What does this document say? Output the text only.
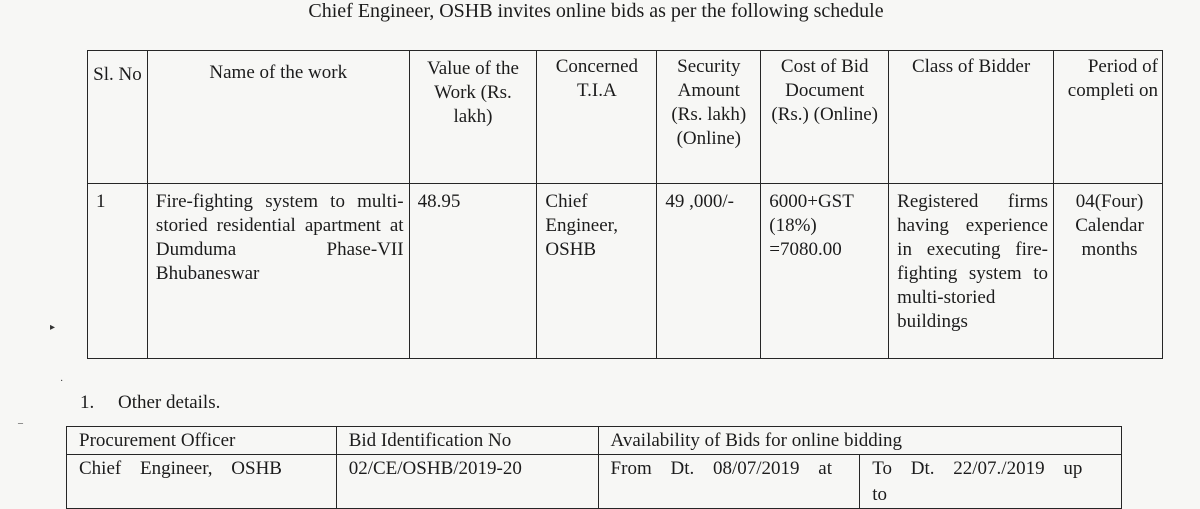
Chief Engineer, OSHB invites online bids as per the following schedule
Sl. No	Name of the work	Value of the Work (Rs. lakh)	Concerned T.I.A	Security Amount (Rs. lakh) (Online)	Cost of Bid Document (Rs.) (Online)	Class of Bidder	Period of completi on
1	Fire-fighting system to multi-storied residential apartment at Dumduma Phase-VII Bhubaneswar	48.95	Chief Engineer, OSHB	49 ,000/-	6000+GST (18%) =7080.00	Registered firms having experience in executing fire-fighting system to multi-storied buildings	04(Four) Calendar months
1. Other details.
Procurement Officer	Bid Identification No	Availability of Bids for online bidding	
Chief Engineer, OSHB	02/CE/OSHB/2019-20	From Dt. 08/07/2019 at	To Dt. 22/07./2019 up to
▸
·
–
